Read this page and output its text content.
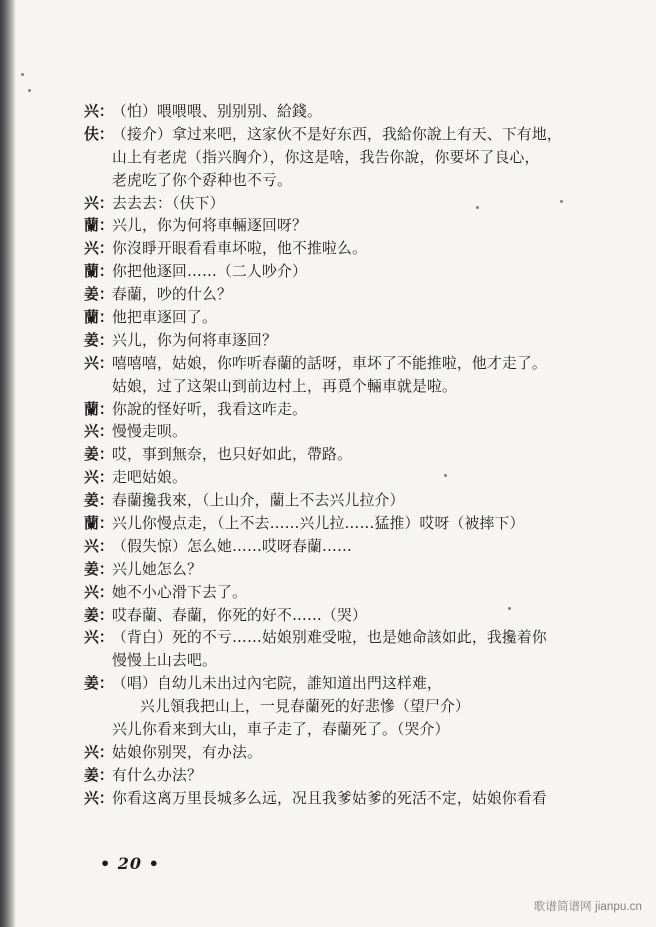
兴：（怕）喂喂喂、别别别、給錢。
伕：（接介）拿过来吧，这家伙不是好东西，我給你說上有天、下有地，
山上有老虎（指兴胸介），你这是啥，我告你說，你要坏了良心，
老虎吃了你个孬种也不亏。
兴：去去去：（伕下）
蘭：兴儿，你为何将車輛逐回呀？
兴：你沒睜开眼看看車坏啦，他不推啦么。
蘭：你把他逐回……（二人吵介）
姜：春蘭，吵的什么？
蘭：他把車逐回了。
姜：兴儿，你为何将車逐回？
兴：嘻嘻嘻，姑娘，你咋听春蘭的話呀，車坏了不能推啦，他才走了。
姑娘，过了这架山到前边村上，再覓个輛車就是啦。
蘭：你說的怪好听，我看这咋走。
兴：慢慢走呗。
姜：哎，事到無奈，也只好如此，帶路。
兴：走吧姑娘。
姜：春蘭攙我來，（上山介，蘭上不去兴儿拉介）
蘭：兴儿你慢点走，（上不去……兴儿拉……猛推）哎呀（被摔下）
兴：（假失惊）怎么她……哎呀春蘭……
姜：兴儿她怎么？
兴：她不小心滑下去了。
姜：哎春蘭、春蘭，你死的好不……（哭）
兴：（背白）死的不亏……姑娘别难受啦，也是她命該如此，我攙着你
慢慢上山去吧。
姜：（唱）自幼儿未出过內宅院，誰知道出門这样难，
兴儿領我把山上，一見春蘭死的好悲慘（望尸介）
兴儿你看来到大山，車子走了，春蘭死了。（哭介）
兴：姑娘你别哭，有办法。
姜：有什么办法？
兴：你看这离万里長城多么远，况且我爹姑爹的死活不定，姑娘你看看
• 20 •
歌谱简谱网 jianpu.cn
